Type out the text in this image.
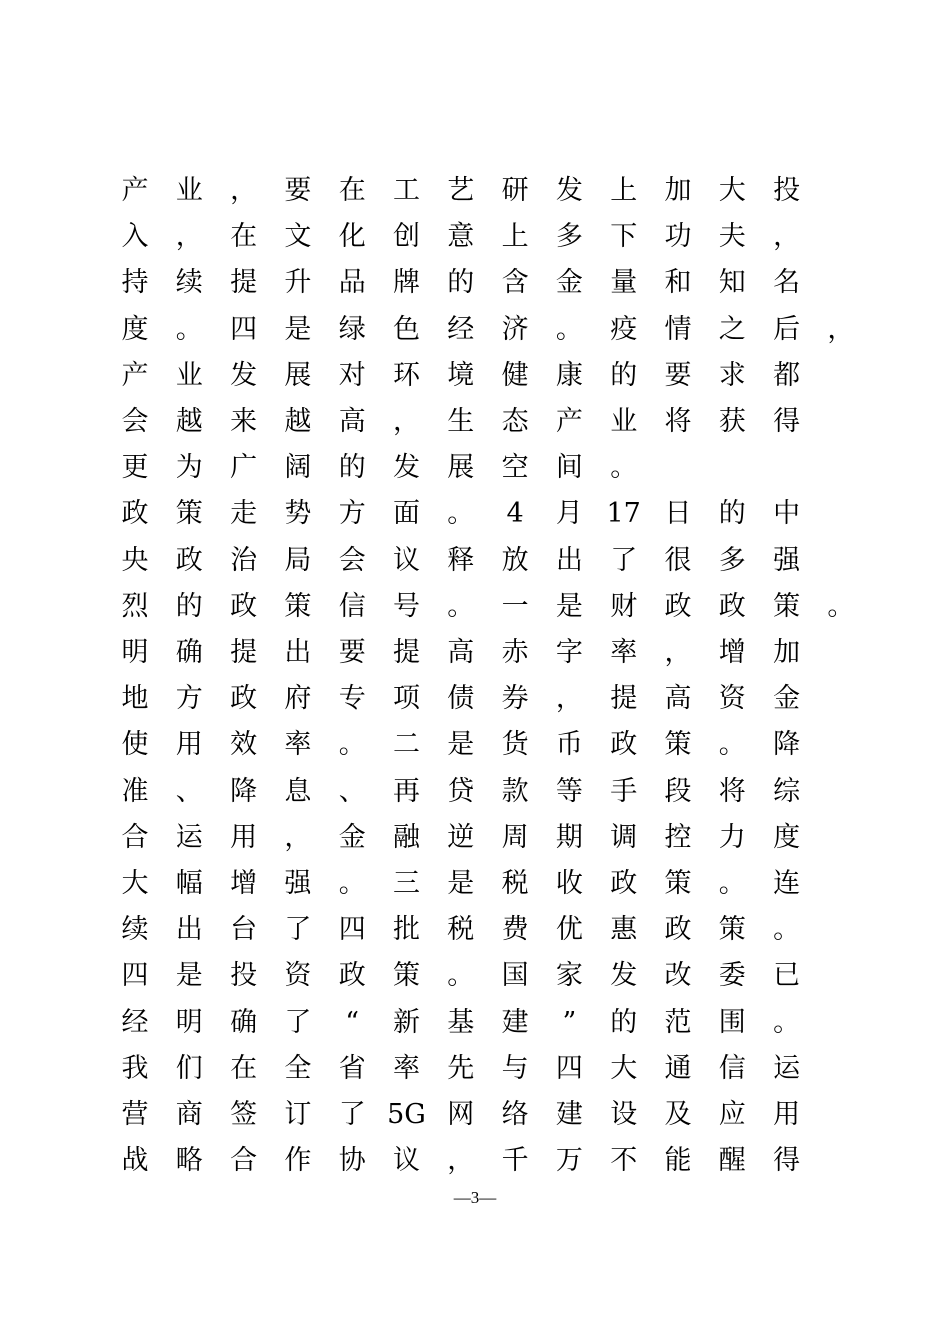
产	业	，	要	在	工	艺	研	发	上	加	大	投
入	，	在	文	化	创	意	上	多	下	功	夫	，
持	续	提	升	品	牌	的	含	金	量	和	知	名
度	。	四	是	绿	色	经	济	。	疫	情	之	后	，
产	业	发	展	对	环	境	健	康	的	要	求	都
会	越	来	越	高	，	生	态	产	业	将	获	得
更	为	广	阔	的	发	展	空	间	。
政	策	走	势	方	面	。	4	月 17 日	的	中
央	政	治	局	会	议	释	放	出	了	很	多	强
烈	的	政	策	信	号	。	一	是	财	政	政	策	。
明	确	提	出	要	提	高	赤	字	率	，	增	加
地	方	政	府	专	项	债	券	，	提	高	资	金
使	用	效	率	。	二	是	货	币	政	策	。	降
准	、	降	息	、	再	贷	款	等	手	段	将	综
合	运	用	，	金	融	逆	周	期	调	控	力	度
大	幅	增	强	。	三	是	税	收	政	策	。	连
续	出	台	了	四	批	税	费	优	惠	政	策	。
四	是	投	资	政	策	。	国	家	发	改	委	已
经	明	确	了	“	新	基	建	”	的	范	围	。
我	们	在	全	省	率	先	与	四	大	通	信	运
营	商	签	订	了 5G 网	络	建	设	及	应	用
战	略	合	作	协	议	，	千	万	不	能	醒	得
—3—
